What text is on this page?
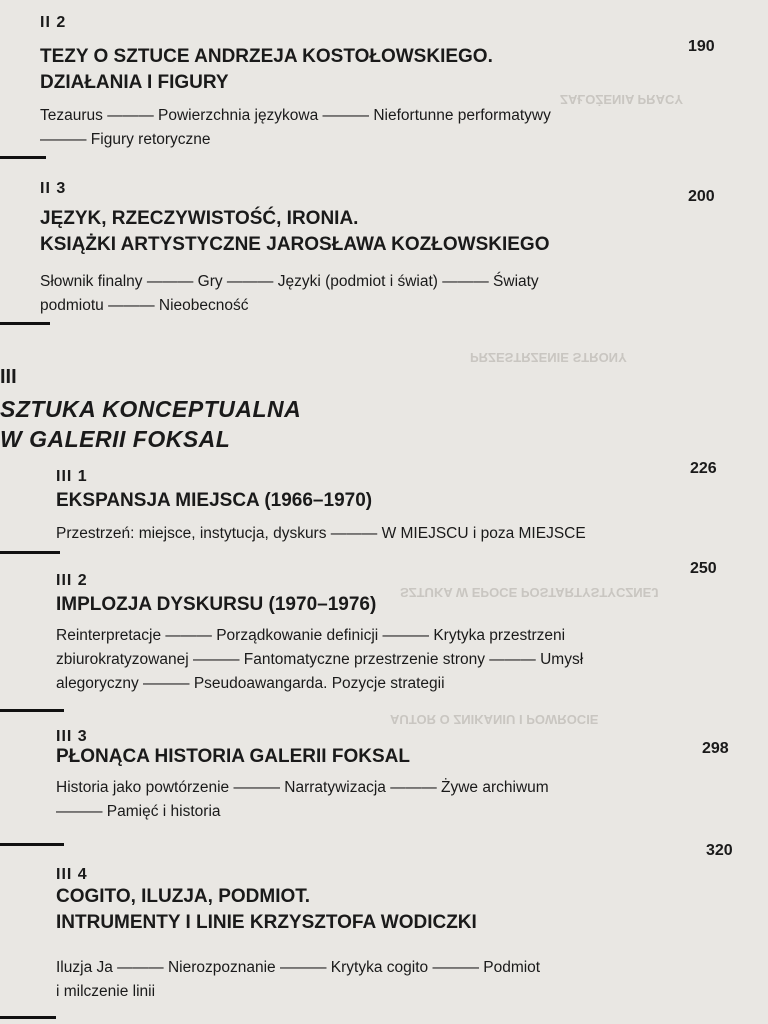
ZAŁOŻENIA PRACY
PRZESTRZENIE STRONY
SZTUKA W EPOCE POSTARTYSTYCZNEJ
AUTOR O ZNIKANIU I POWROCIE
II 2
190
TEZY O SZTUCE ANDRZEJA KOSTOŁOWSKIEGO.
DZIAŁANIA I FIGURY
Tezaurus ——— Powierzchnia językowa ——— Niefortunne performatywy
——— Figury retoryczne
II 3	200
JĘZYK, RZECZYWISTOŚĆ, IRONIA.
KSIĄŻKI ARTYSTYCZNE JAROSŁAWA KOZŁOWSKIEGO
Słownik finalny ——— Gry ——— Języki (podmiot i świat) ——— Światy
podmiotu ——— Nieobecność
III
SZTUKA KONCEPTUALNA
W GALERII FOKSAL
III 1	226
EKSPANSJA MIEJSCA (1966–1970)
Przestrzeń: miejsce, instytucja, dyskurs ——— W MIEJSCU i poza MIEJSCE
III 2
250
IMPLOZJA DYSKURSU (1970–1976)
Reinterpretacje ——— Porządkowanie definicji ——— Krytyka przestrzeni
zbiurokratyzowanej ——— Fantomatyczne przestrzenie strony ——— Umysł
alegoryczny ——— Pseudoawangarda. Pozycje strategii
III 3
298
PŁONĄCA HISTORIA GALERII FOKSAL
Historia jako powtórzenie ——— Narratywizacja ——— Żywe archiwum
——— Pamięć i historia
III 4
320
COGITO, ILUZJA, PODMIOT.
INTRUMENTY I LINIE KRZYSZTOFA WODICZKI
Iluzja Ja ——— Nierozpoznanie ——— Krytyka cogito ——— Podmiot
i milczenie linii
